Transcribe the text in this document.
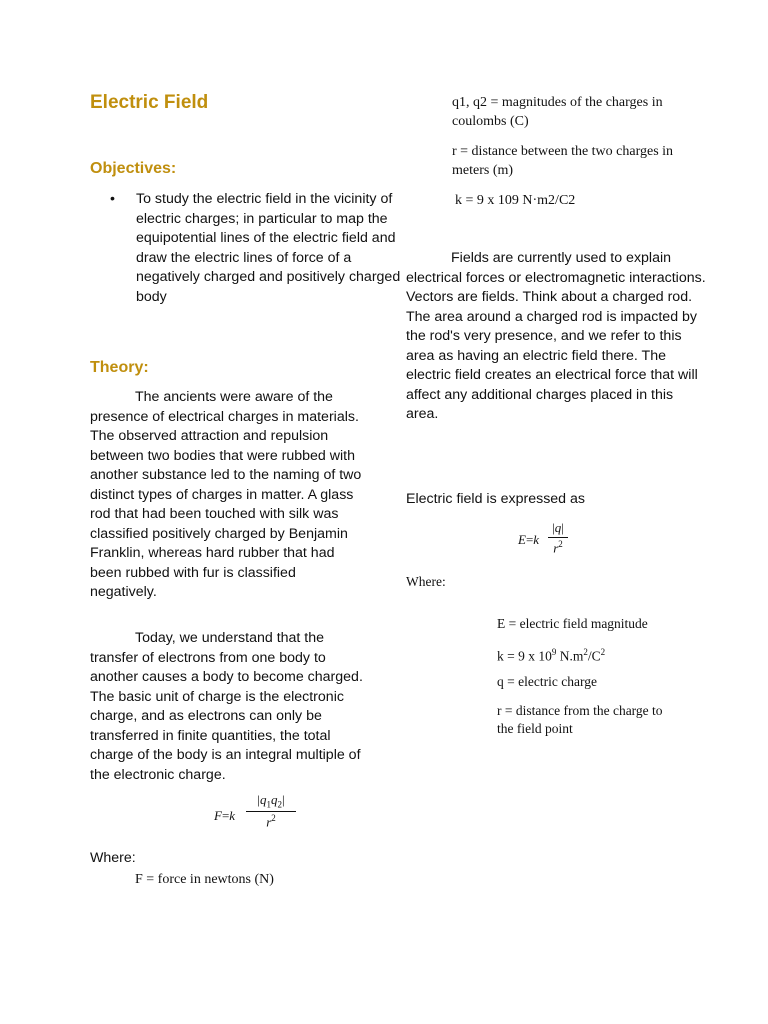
Electric Field
Objectives:
• To study the electric field in the vicinity of electric charges; in particular to map the equipotential lines of the electric field and draw the electric lines of force of a negatively charged and positively charged body
Theory:

The ancients were aware of the presence of electrical charges in materials. The observed attraction and repulsion between two bodies that were rubbed with another substance led to the naming of two distinct types of charges in matter. A glass rod that had been touched with silk was classified positively charged by Benjamin Franklin, whereas hard rubber that had been rubbed with fur is classified negatively.

Today, we understand that the transfer of electrons from one body to another causes a body to become charged. The basic unit of charge is the electronic charge, and as electrons can only be transferred in finite quantities, the total charge of the body is an integral multiple of the electronic charge.

F=k
$|q_1q_2|$
$r^2$

Where:

F = force in newtons (N)

q1, q2 = magnitudes of the charges in coulombs (C)

r = distance between the two charges in meters (m)

k = 9 x 109 N·m2/C2

Fields are currently used to explain electrical forces or electromagnetic interactions. Vectors are fields. Think about a charged rod. The area around a charged rod is impacted by the rod's very presence, and we refer to this area as having an electric field there. The electric field creates an electrical force that will affect any additional charges placed in this area.

Electric field is expressed as

E=k
|q|
$r^2$

Where:

E = electric field magnitude

k = 9 x $10^9$ $N.m^2/C^2$

q = electric charge

r = distance from the charge to the field point
